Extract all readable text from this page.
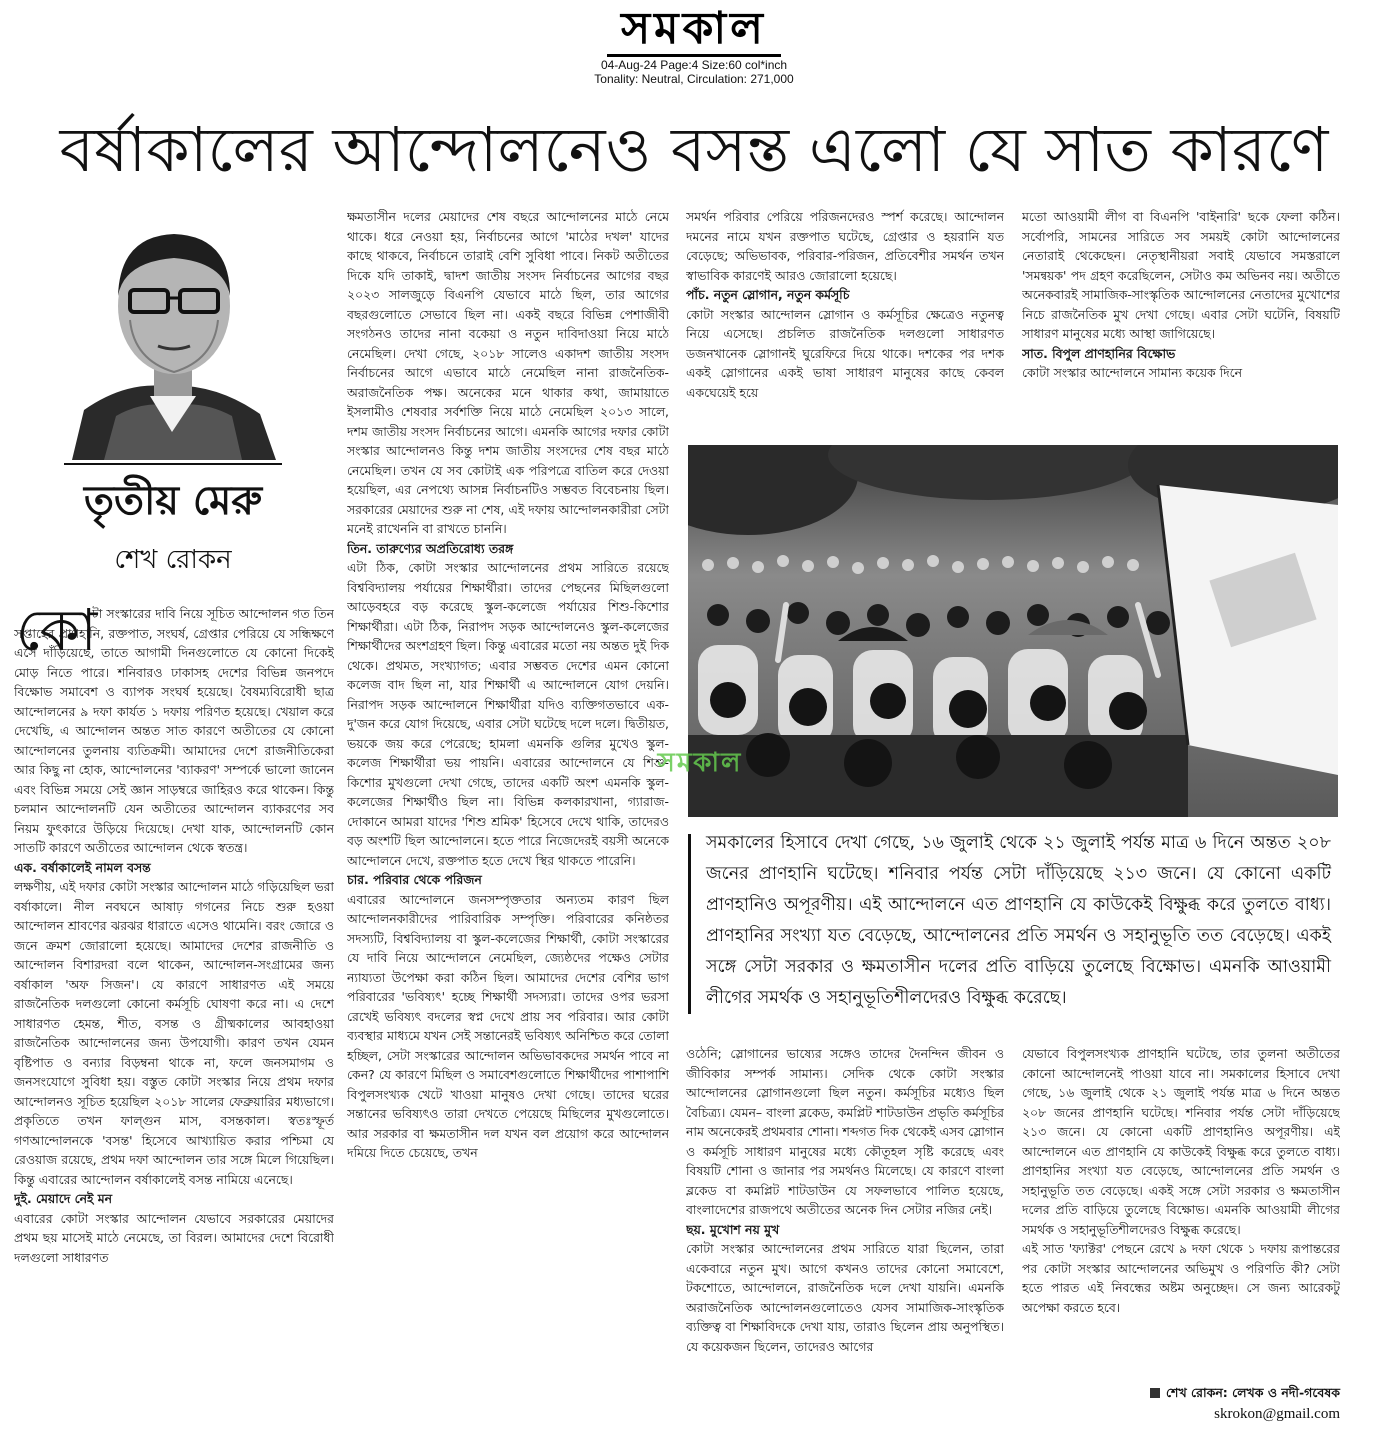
সমকাল
04-Aug-24 Page:4 Size:60 col*inch
Tonality: Neutral, Circulation: 271,000
বর্ষাকালের আন্দোলনেও বসন্ত এলো যে সাত কারণে
তৃতীয় মেরু
শেখ রোকন
কো

টা সংস্কারের দাবি নিয়ে সূচিত আন্দোলন গত তিন সপ্তাহের প্রাণহানি, রক্তপাত, সংঘর্ষ, গ্রেপ্তার পেরিয়ে যে সন্ধিক্ষণে এসে দাঁড়িয়েছে, তাতে আগামী দিনগুলোতে যে কোনো দিকেই মোড় নিতে পারে। শনিবারও ঢাকাসহ দেশের বিভিন্ন জনপদে বিক্ষোভ সমাবেশ ও ব্যাপক সংঘর্ষ হয়েছে। বৈষম্যবিরোধী ছাত্র আন্দোলনের ৯ দফা কার্যত ১ দফায় পরিণত হয়েছে। খেয়াল করে দেখেছি, এ আন্দোলন অন্তত সাত কারণে অতীতের যে কোনো আন্দোলনের তুলনায় ব্যতিক্রমী। আমাদের দেশে রাজনীতিকেরা আর কিছু না হোক, আন্দোলনের 'ব্যাকরণ' সম্পর্কে ভালো জানেন এবং বিভিন্ন সময়ে সেই জ্ঞান সাড়ম্বরে জাহিরও করে থাকেন। কিন্তু চলমান আন্দোলনটি যেন অতীতের আন্দোলন ব্যাকরণের সব নিয়ম ফুৎকারে উড়িয়ে দিয়েছে। দেখা যাক, আন্দোলনটি কোন সাতটি কারণে অতীতের আন্দোলন থেকে স্বতন্ত্র।

এক. বর্ষাকালেই নামল বসন্ত

লক্ষণীয়, এই দফার কোটা সংস্কার আন্দোলন মাঠে গড়িয়েছিল ভরা বর্ষাকালে। নীল নবঘনে আষাঢ় গগনের নিচে শুরু হওয়া আন্দোলন শ্রাবণের ঝরঝর ধারাতে এসেও থামেনি। বরং জোরে ও জনে ক্রমশ জোরালো হয়েছে। আমাদের দেশের রাজনীতি ও আন্দোলন বিশারদরা বলে থাকেন, আন্দোলন-সংগ্রামের জন্য বর্ষাকাল 'অফ সিজন'। যে কারণে সাধারণত এই সময়ে রাজনৈতিক দলগুলো কোনো কর্মসূচি ঘোষণা করে না। এ দেশে সাধারণত হেমন্ত, শীত, বসন্ত ও গ্রীষ্মকালের আবহাওয়া রাজনৈতিক আন্দোলনের জন্য উপযোগী। কারণ তখন যেমন বৃষ্টিপাত ও বন্যার বিড়ম্বনা থাকে না, ফলে জনসমাগম ও জনসংযোগে সুবিধা হয়। বস্তুত কোটা সংস্কার নিয়ে প্রথম দফার আন্দোলনও সূচিত হয়েছিল ২০১৮ সালের ফেব্রুয়ারির মধ্যভাগে। প্রকৃতিতে তখন ফাল্গুন মাস, বসন্তকাল। স্বতঃস্ফূর্ত গণআন্দোলনকে 'বসন্ত' হিসেবে আখ্যায়িত করার পশ্চিমা যে রেওয়াজ রয়েছে, প্রথম দফা আন্দোলন তার সঙ্গে মিলে গিয়েছিল। কিন্তু এবারের আন্দোলন বর্ষাকালেই বসন্ত নামিয়ে এনেছে।

দুই. মেয়াদে নেই মন

এবারের কোটা সংস্কার আন্দোলন যেভাবে সরকারের মেয়াদের প্রথম ছয় মাসেই মাঠে নেমেছে, তা বিরল। আমাদের দেশে বিরোধী দলগুলো সাধারণত

ক্ষমতাসীন দলের মেয়াদের শেষ বছরে আন্দোলনের মাঠে নেমে থাকে। ধরে নেওয়া হয়, নির্বাচনের আগে 'মাঠের দখল' যাদের কাছে থাকবে, নির্বাচনে তারাই বেশি সুবিধা পাবে। নিকট অতীতের দিকে যদি তাকাই, দ্বাদশ জাতীয় সংসদ নির্বাচনের আগের বছর ২০২৩ সালজুড়ে বিএনপি যেভাবে মাঠে ছিল, তার আগের বছরগুলোতে সেভাবে ছিল না। একই বছরে বিভিন্ন পেশাজীবী সংগঠনও তাদের নানা বকেয়া ও নতুন দাবিদাওয়া নিয়ে মাঠে নেমেছিল। দেখা গেছে, ২০১৮ সালেও একাদশ জাতীয় সংসদ নির্বাচনের আগে এভাবে মাঠে নেমেছিল নানা রাজনৈতিক-অরাজনৈতিক পক্ষ। অনেকের মনে থাকার কথা, জামায়াতে ইসলামীও শেষবার সর্বশক্তি নিয়ে মাঠে নেমেছিল ২০১৩ সালে, দশম জাতীয় সংসদ নির্বাচনের আগে। এমনকি আগের দফার কোটা সংস্কার আন্দোলনও কিন্তু দশম জাতীয় সংসদের শেষ বছর মাঠে নেমেছিল। তখন যে সব কোটাই এক পরিপত্রে বাতিল করে দেওয়া হয়েছিল, এর নেপথ্যে আসন্ন নির্বাচনটিও সম্ভবত বিবেচনায় ছিল। সরকারের মেয়াদের শুরু না শেষ, এই দফায় আন্দোলনকারীরা সেটা মনেই রাখেননি বা রাখতে চাননি।

তিন. তারুণ্যের অপ্রতিরোধ্য তরঙ্গ

এটা ঠিক, কোটা সংস্কার আন্দোলনের প্রথম সারিতে রয়েছে বিশ্ববিদ্যালয় পর্যায়ের শিক্ষার্থীরা। তাদের পেছনের মিছিলগুলো আড়েবহরে বড় করেছে স্কুল-কলেজে পর্যায়ের শিশু-কিশোর শিক্ষার্থীরা। এটা ঠিক, নিরাপদ সড়ক আন্দোলনেও স্কুল-কলেজের শিক্ষার্থীদের অংশগ্রহণ ছিল। কিন্তু এবারের মতো নয় অন্তত দুই দিক থেকে। প্রথমত, সংখ্যাগত; এবার সম্ভবত দেশের এমন কোনো কলেজ বাদ ছিল না, যার শিক্ষার্থী এ আন্দোলনে যোগ দেয়নি। নিরাপদ সড়ক আন্দোলনে শিক্ষার্থীরা যদিও ব্যক্তিগতভাবে এক-দু'জন করে যোগ দিয়েছে, এবার সেটা ঘটেছে দলে দলে। দ্বিতীয়ত, ভয়কে জয় করে পেরেছে; হামলা এমনকি গুলির মুখেও স্কুল-কলেজ শিক্ষার্থীরা ভয় পায়নি। এবারের আন্দোলনে যে শিশু-কিশোর মুখগুলো দেখা গেছে, তাদের একটি অংশ এমনকি স্কুল-কলেজের শিক্ষার্থীও ছিল না। বিভিন্ন কলকারখানা, গ্যারাজ-দোকানে আমরা যাদের 'শিশু শ্রমিক' হিসেবে দেখে থাকি, তাদেরও বড় অংশটি ছিল আন্দোলনে। হতে পারে নিজেদেরই বয়সী অনেকে আন্দোলনে দেখে, রক্তপাত হতে দেখে স্থির থাকতে পারেনি।

চার. পরিবার থেকে পরিজন

এবারের আন্দোলনে জনসম্পৃক্ততার অন্যতম কারণ ছিল আন্দোলনকারীদের পারিবারিক সম্পৃক্তি। পরিবারের কনিষ্ঠতর সদস্যটি, বিশ্ববিদ্যালয় বা স্কুল-কলেজের শিক্ষার্থী, কোটা সংস্কারের যে দাবি নিয়ে আন্দোলনে নেমেছিল, জ্যেষ্ঠদের পক্ষেও সেটার ন্যায্যতা উপেক্ষা করা কঠিন ছিল। আমাদের দেশের বেশির ভাগ পরিবারের 'ভবিষ্যৎ' হচ্ছে শিক্ষার্থী সদস্যরা। তাদের ওপর ভরসা রেখেই ভবিষ্যৎ বদলের স্বপ্ন দেখে প্রায় সব পরিবার। আর কোটা ব্যবস্থার মাধ্যমে যখন সেই সন্তানেরই ভবিষ্যৎ অনিশ্চিত করে তোলা হচ্ছিল, সেটা সংস্কারের আন্দোলন অভিভাবকদের সমর্থন পাবে না কেন? যে কারণে মিছিল ও সমাবেশগুলোতে শিক্ষার্থীদের পাশাপাশি বিপুলসংখ্যক খেটে খাওয়া মানুষও দেখা গেছে। তাদের ঘরের সন্তানের ভবিষ্যৎও তারা দেখতে পেয়েছে মিছিলের মুখগুলোতে। আর সরকার বা ক্ষমতাসীন দল যখন বল প্রয়োগ করে আন্দোলন দমিয়ে দিতে চেয়েছে, তখন

সমর্থন পরিবার পেরিয়ে পরিজনদেরও স্পর্শ করেছে। আন্দোলন দমনের নামে যখন রক্তপাত ঘটেছে, গ্রেপ্তার ও হয়রানি যত বেড়েছে; অভিভাবক, পরিবার-পরিজন, প্রতিবেশীর সমর্থন তখন স্বাভাবিক কারণেই আরও জোরালো হয়েছে।

পাঁচ. নতুন স্লোগান, নতুন কর্মসূচি

কোটা সংস্কার আন্দোলন স্লোগান ও কর্মসূচির ক্ষেত্রেও নতুনত্ব নিয়ে এসেছে। প্রচলিত রাজনৈতিক দলগুলো সাধারণত ডজনখানেক স্লোগানই ঘুরেফিরে দিয়ে থাকে। দশকের পর দশক একই স্লোগানের একই ভাষা সাধারণ মানুষের কাছে কেবল একঘেয়েই হয়ে

মতো আওয়ামী লীগ বা বিএনপি 'বাইনারি' ছকে ফেলা কঠিন। সর্বোপরি, সামনের সারিতে সব সময়ই কোটা আন্দোলনের নেতারাই থেকেছেন। নেতৃস্থানীয়রা সবাই যেভাবে সমস্তরালে 'সমন্বয়ক' পদ গ্রহণ করেছিলেন, সেটাও কম অভিনব নয়। অতীতে অনেকবারই সামাজিক-সাংস্কৃতিক আন্দোলনের নেতাদের মুখোশের নিচে রাজনৈতিক মুখ দেখা গেছে। এবার সেটা ঘটেনি, বিষয়টি সাধারণ মানুষের মধ্যে আস্থা জাগিয়েছে।

সাত. বিপুল প্রাণহানির বিক্ষোভ

কোটা সংস্কার আন্দোলনে সামান্য কয়েক দিনে

সমকাল
সমকালের হিসাবে দেখা গেছে, ১৬ জুলাই থেকে ২১ জুলাই পর্যন্ত মাত্র ৬ দিনে অন্তত ২০৮ জনের প্রাণহানি ঘটেছে। শনিবার পর্যন্ত সেটা দাঁড়িয়েছে ২১৩ জনে। যে কোনো একটি প্রাণহানিও অপূরণীয়। এই আন্দোলনে এত প্রাণহানি যে কাউকেই বিক্ষুব্ধ করে তুলতে বাধ্য। প্রাণহানির সংখ্যা যত বেড়েছে, আন্দোলনের প্রতি সমর্থন ও সহানুভূতি তত বেড়েছে। একই সঙ্গে সেটা সরকার ও ক্ষমতাসীন দলের প্রতি বাড়িয়ে তুলেছে বিক্ষোভ। এমনকি আওয়ামী লীগের সমর্থক ও সহানুভূতিশীলদেরও বিক্ষুব্ধ করেছে।

ওঠেনি; স্লোগানের ভাষ্যের সঙ্গেও তাদের দৈনন্দিন জীবন ও জীবিকার সম্পর্ক সামান্য। সেদিক থেকে কোটা সংস্কার আন্দোলনের স্লোগানগুলো ছিল নতুন। কর্মসূচির মধ্যেও ছিল বৈচিত্র্য। যেমন– বাংলা ব্লকেড, কমপ্লিট শাটডাউন প্রভৃতি কর্মসূচির নাম অনেকেরই প্রথমবার শোনা। শব্দগত দিক থেকেই এসব স্লোগান ও কর্মসূচি সাধারণ মানুষের মধ্যে কৌতূহল সৃষ্টি করেছে এবং বিষয়টি শোনা ও জানার পর সমর্থনও মিলেছে। যে কারণে বাংলা ব্লকেড বা কমপ্লিট শাটডাউন যে সফলভাবে পালিত হয়েছে, বাংলাদেশের রাজপথে অতীতের অনেক দিন সেটার নজির নেই।

ছয়. মুখোশ নয় মুখ

কোটা সংস্কার আন্দোলনের প্রথম সারিতে যারা ছিলেন, তারা একেবারে নতুন মুখ। আগে কখনও তাদের কোনো সমাবেশে, টকশোতে, আন্দোলনে, রাজনৈতিক দলে দেখা যায়নি। এমনকি অরাজনৈতিক আন্দোলনগুলোতেও যেসব সামাজিক-সাংস্কৃতিক ব্যক্তিত্ব বা শিক্ষাবিদকে দেখা যায়, তারাও ছিলেন প্রায় অনুপস্থিত। যে কয়েকজন ছিলেন, তাদেরও আগের

যেভাবে বিপুলসংখ্যক প্রাণহানি ঘটেছে, তার তুলনা অতীতের কোনো আন্দোলনেই পাওয়া যাবে না। সমকালের হিসাবে দেখা গেছে, ১৬ জুলাই থেকে ২১ জুলাই পর্যন্ত মাত্র ৬ দিনে অন্তত ২০৮ জনের প্রাণহানি ঘটেছে। শনিবার পর্যন্ত সেটা দাঁড়িয়েছে ২১৩ জনে। যে কোনো একটি প্রাণহানিও অপূরণীয়। এই আন্দোলনে এত প্রাণহানি যে কাউকেই বিক্ষুব্ধ করে তুলতে বাধ্য। প্রাণহানির সংখ্যা যত বেড়েছে, আন্দোলনের প্রতি সমর্থন ও সহানুভূতি তত বেড়েছে। একই সঙ্গে সেটা সরকার ও ক্ষমতাসীন দলের প্রতি বাড়িয়ে তুলেছে বিক্ষোভ। এমনকি আওয়ামী লীগের সমর্থক ও সহানুভূতিশীলদেরও বিক্ষুব্ধ করেছে।

এই সাত 'ফ্যাক্টর' পেছনে রেখে ৯ দফা থেকে ১ দফায় রূপান্তরের পর কোটা সংস্কার আন্দোলনের অভিমুখ ও পরিণতি কী? সেটা হতে পারত এই নিবন্ধের অষ্টম অনুচ্ছেদ। সে জন্য আরেকটু অপেক্ষা করতে হবে।

শেখ রোকন: লেখক ও নদী-গবেষক
skrokon@gmail.com
